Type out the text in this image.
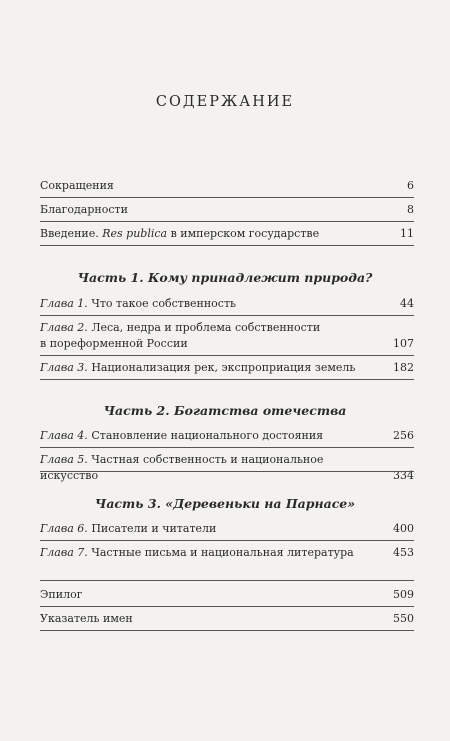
СОДЕРЖАНИЕ
Сокращения	6
Благодарности	8
Введение. Res publica в имперском государстве	11
Часть 1. Кому принадлежит природа?
Глава 1. Что такое собственность	44
Глава 2. Леса, недра и проблема собственности
в пореформенной России	107
Глава 3. Национализация рек, экспроприация земель	182
Часть 2. Богатства отечества
Глава 4. Становление национального достояния	256
Глава 5. Частная собственность и национальное искусство	334
Часть 3. «Деревеньки на Парнасе»
Глава 6. Писатели и читатели	400
Глава 7. Частные письма и национальная литература	453
Эпилог	509
Указатель имен	550
